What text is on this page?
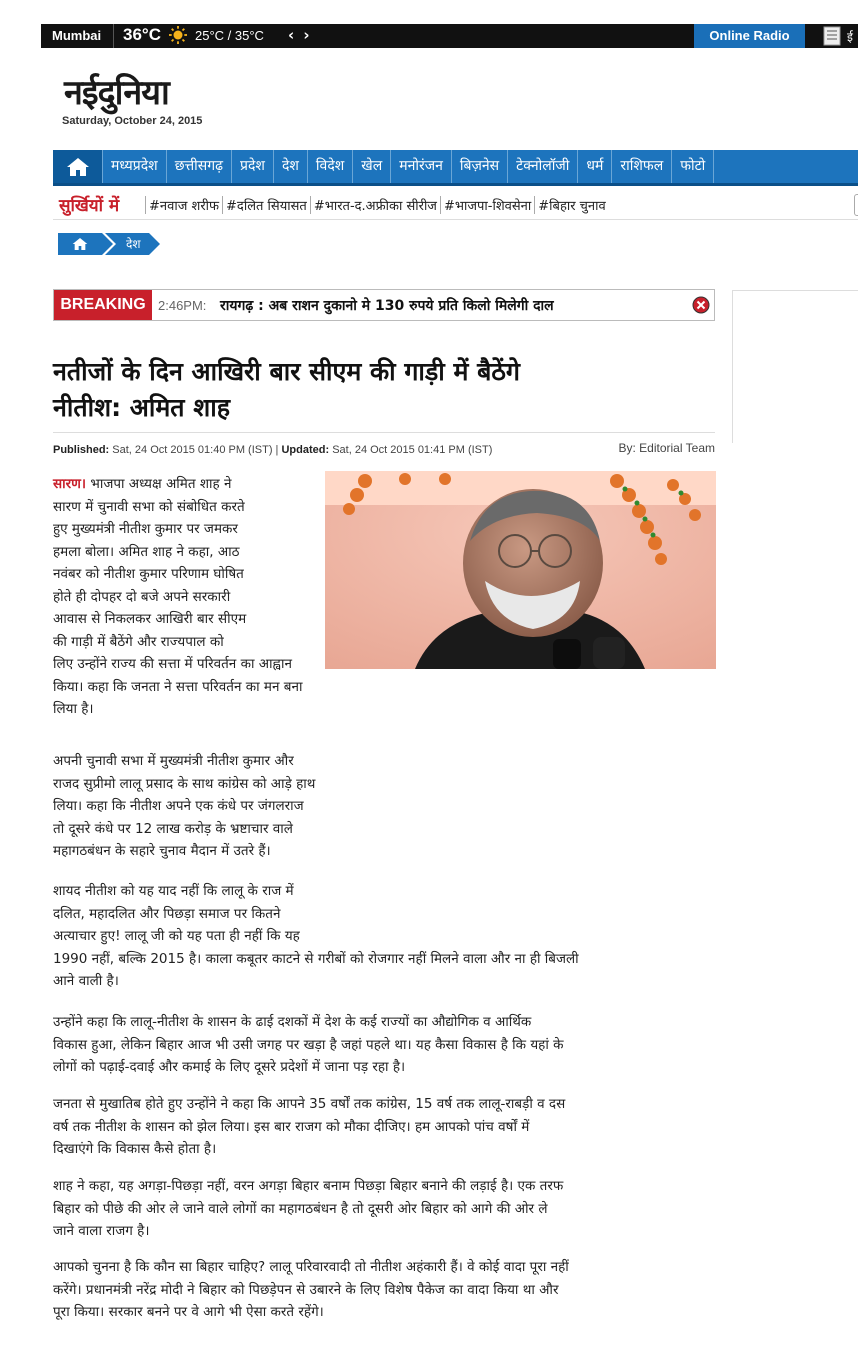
Mumbai 36°C	25°C / 35°C ‹ ›	Online Radio	ई
नईदुनिया
Saturday, October 24, 2015
मध्यप्रदेश	छत्तीसगढ़	प्रदेश	देश	विदेश	खेल	मनोरंजन	बिज़नेस	टेक्नोलॉजी	धर्म	राशिफल	फोटो
सुर्खियों में	#नवाज शरीफ #दलित सियासत #भारत-द.अफ्रीका सीरीज #भाजपा-शिवसेना #बिहार चुनाव
देश
BREAKING 2:46PM: रायगढ़ : अब राशन दुकानो मे 130 रुपये प्रति किलो मिलेगी दाल
नतीजों के दिन आखिरी बार सीएम की गाड़ी में बैठेंगे
नीतीश: अमित शाह
Published: Sat, 24 Oct 2015 01:40 PM (IST) | Updated: Sat, 24 Oct 2015 01:41 PM (IST)	By: Editorial Team
सारण। भाजपा अध्यक्ष अमित शाह ने
सारण में चुनावी सभा को संबोधित करते
हुए मुख्यमंत्री नीतीश कुमार पर जमकर
हमला बोला। अमित शाह ने कहा, आठ
नवंबर को नीतीश कुमार परिणाम घोषित
होते ही दोपहर दो बजे अपने सरकारी
आवास से निकलकर आखिरी बार सीएम
की गाड़ी में बैठेंगे और राज्यपाल को
लिए उन्होंने राज्य की सत्ता में परिवर्तन का आह्वान
किया। कहा कि जनता ने सत्ता परिवर्तन का मन बना
लिया है।
अपनी चुनावी सभा में मुख्यमंत्री नीतीश कुमार और
राजद सुप्रीमो लालू प्रसाद के साथ कांग्रेस को आड़े हाथ
लिया। कहा कि नीतीश अपने एक कंधे पर जंगलराज
तो दूसरे कंधे पर 12 लाख करोड़ के भ्रष्टाचार वाले
महागठबंधन के सहारे चुनाव मैदान में उतरे हैं।
शायद नीतीश को यह याद नहीं कि लालू के राज में
दलित, महादलित और पिछड़ा समाज पर कितने
अत्याचार हुए! लालू जी को यह पता ही नहीं कि यह
1990 नहीं, बल्कि 2015 है। काला कबूतर काटने से गरीबों को रोजगार नहीं मिलने वाला और ना ही बिजली
आने वाली है।
उन्होंने कहा कि लालू-नीतीश के शासन के ढाई दशकों में देश के कई राज्यों का औद्योगिक व आर्थिक
विकास हुआ, लेकिन बिहार आज भी उसी जगह पर खड़ा है जहां पहले था। यह कैसा विकास है कि यहां के
लोगों को पढ़ाई-दवाई और कमाई के लिए दूसरे प्रदेशों में जाना पड़ रहा है।
जनता से मुखातिब होते हुए उन्होंने ने कहा कि आपने 35 वर्षों तक कांग्रेस, 15 वर्ष तक लालू-राबड़ी व दस
वर्ष तक नीतीश के शासन को झेल लिया। इस बार राजग को मौका दीजिए। हम आपको पांच वर्षों में
दिखाएंगे कि विकास कैसे होता है।
शाह ने कहा, यह अगड़ा-पिछड़ा नहीं, वरन अगड़ा बिहार बनाम पिछड़ा बिहार बनाने की लड़ाई है। एक तरफ
बिहार को पीछे की ओर ले जाने वाले लोगों का महागठबंधन है तो दूसरी ओर बिहार को आगे की ओर ले
जाने वाला राजग है।
आपको चुनना है कि कौन सा बिहार चाहिए? लालू परिवारवादी तो नीतीश अहंकारी हैं। वे कोई वादा पूरा नहीं
करेंगे। प्रधानमंत्री नरेंद्र मोदी ने बिहार को पिछड़ेपन से उबारने के लिए विशेष पैकेज का वादा किया था और
पूरा किया। सरकार बनने पर वे आगे भी ऐसा करते रहेंगे।
